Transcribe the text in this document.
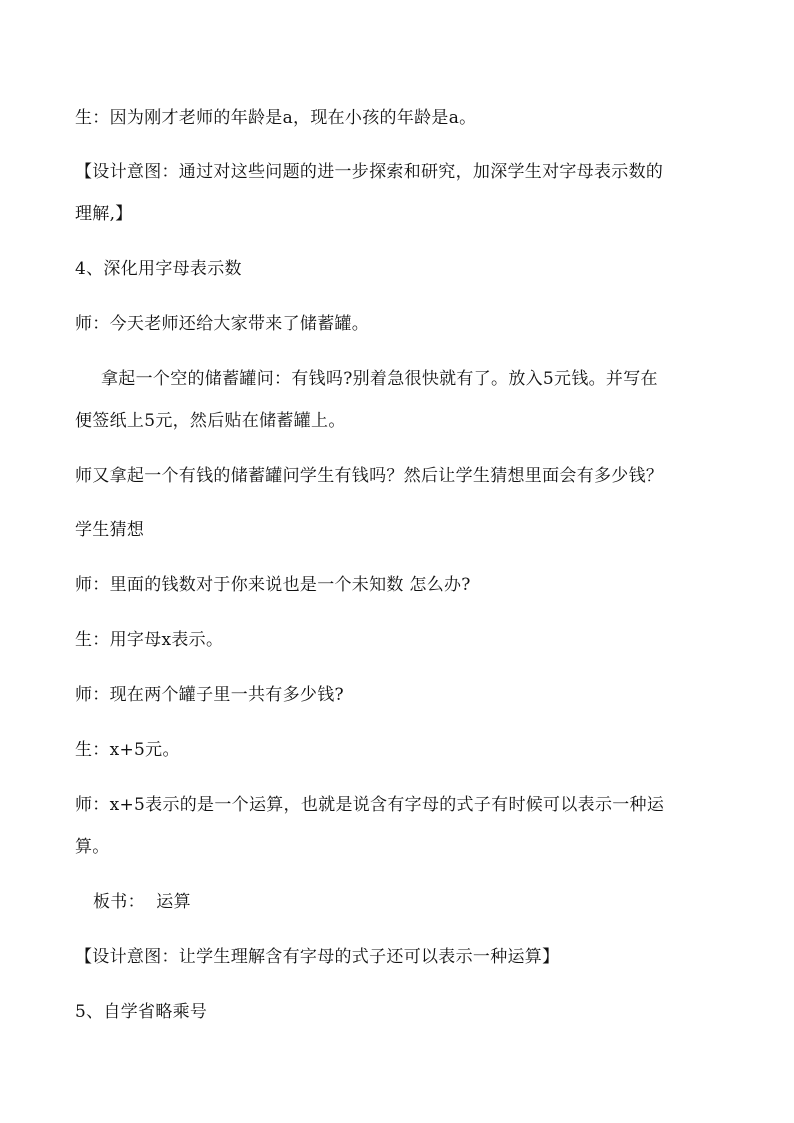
生：因为刚才老师的年龄是a，现在小孩的年龄是a。
【设计意图：通过对这些问题的进一步探索和研究，加深学生对字母表示数的
理解,】
4、深化用字母表示数
师：今天老师还给大家带来了储蓄罐。
拿起一个空的储蓄罐问：有钱吗?别着急很快就有了。放入5元钱。并写在
便签纸上5元，然后贴在储蓄罐上。
师又拿起一个有钱的储蓄罐问学生有钱吗？然后让学生猜想里面会有多少钱？
学生猜想
师：里面的钱数对于你来说也是一个未知数 怎么办?
生：用字母x表示。
师：现在两个罐子里一共有多少钱?
生：x+5元。
师：x+5表示的是一个运算，也就是说含有字母的式子有时候可以表示一种运
算。
板书：  运算
【设计意图：让学生理解含有字母的式子还可以表示一种运算】
5、自学省略乘号
